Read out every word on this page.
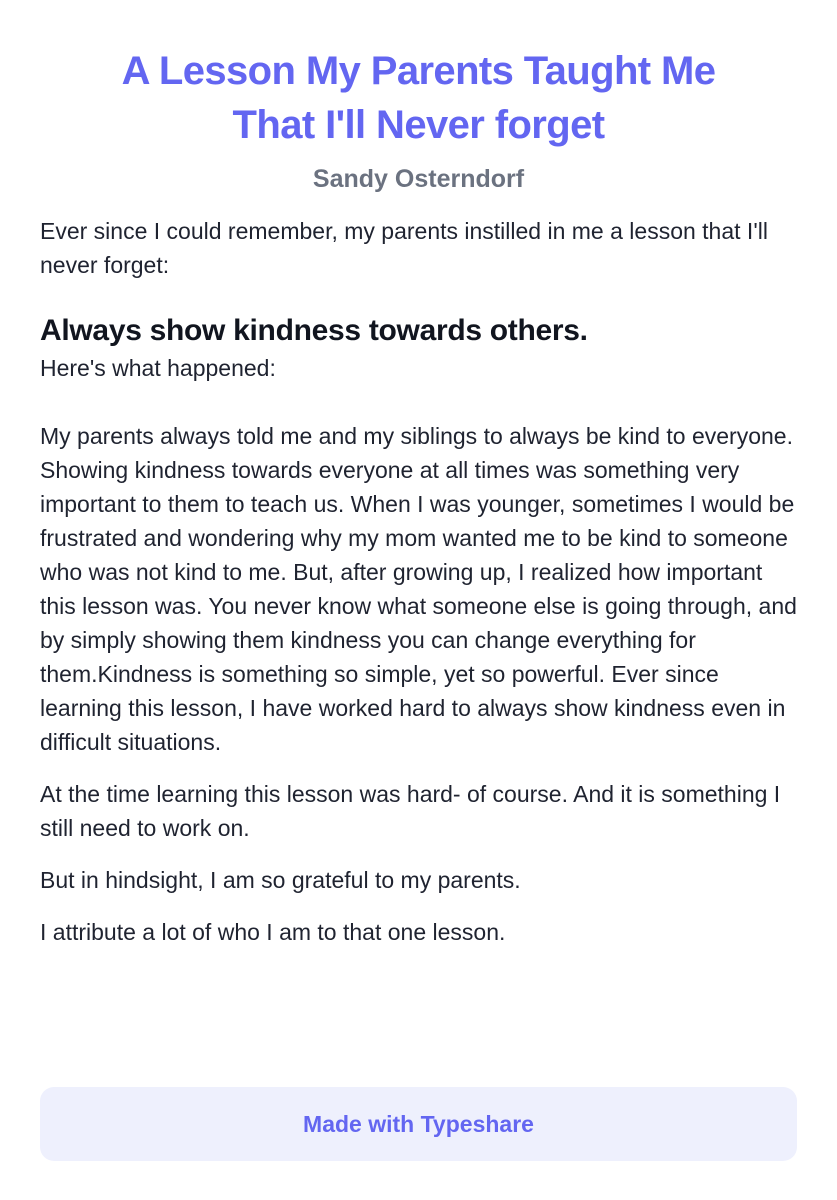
A Lesson My Parents Taught Me
That I'll Never forget
Sandy Osterndorf

Ever since I could remember, my parents instilled in me a lesson that I'll never forget:

Always show kindness towards others.

Here's what happened:

My parents always told me and my siblings to always be kind to everyone. Showing kindness towards everyone at all times was something very important to them to teach us. When I was younger, sometimes I would be frustrated and wondering why my mom wanted me to be kind to someone who was not kind to me. But, after growing up, I realized how important this lesson was. You never know what someone else is going through, and by simply showing them kindness you can change everything for them.Kindness is something so simple, yet so powerful. Ever since learning this lesson, I have worked hard to always show kindness even in difficult situations.

At the time learning this lesson was hard- of course. And it is something I still need to work on.

But in hindsight, I am so grateful to my parents.

I attribute a lot of who I am to that one lesson.

Made with Typeshare
